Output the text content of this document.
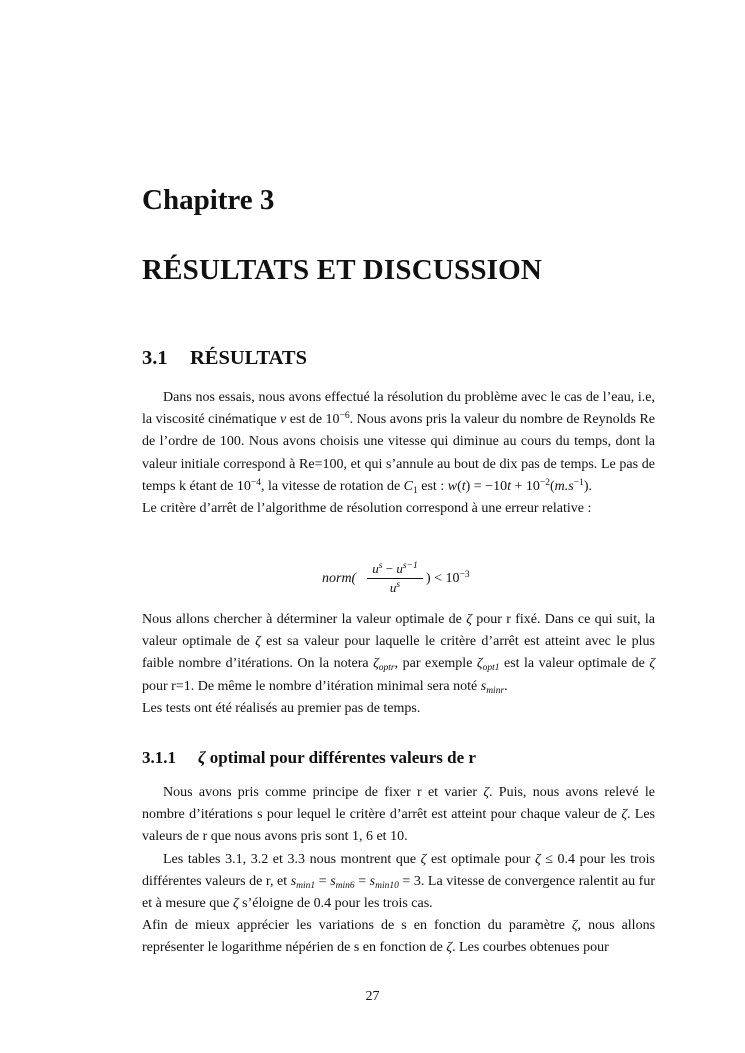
Chapitre 3
RÉSULTATS ET DISCUSSION
3.1 RÉSULTATS

Dans nos essais, nous avons effectué la résolution du problème avec le cas de l’eau, i.e, la viscosité cinématique ν est de $10^{-6}$. Nous avons pris la valeur du nombre de Reynolds Re de l’ordre de 100. Nous avons choisis une vitesse qui diminue au cours du temps, dont la valeur initiale correspond à Re=100, et qui s’annule au bout de dix pas de temps. Le pas de temps k étant de $10^{-4}$, la vitesse de rotation de $C_1$ est : $w(t) = -10t + 10^{-2}(m.s^{-1})$.

Le critère d’arrêt de l’algorithme de résolution correspond à une erreur relative :

norm(
$u^s - u^{s-1}$
$u^s$	) < $10^{-3}$

Nous allons chercher à déterminer la valeur optimale de ζ pour r fixé. Dans ce qui suit, la valeur optimale de ζ est sa valeur pour laquelle le critère d’arrêt est atteint avec le plus faible nombre d’itérations. On la notera $\zeta_{optr}$, par exemple $\zeta_{opt1}$ est la valeur optimale de ζ pour r=1. De même le nombre d’itération minimal sera noté $s_{minr}$.

Les tests ont été réalisés au premier pas de temps.

3.1.1 ζ optimal pour différentes valeurs de r

Nous avons pris comme principe de fixer r et varier ζ. Puis, nous avons relevé le nombre d’itérations s pour lequel le critère d’arrêt est atteint pour chaque valeur de ζ. Les valeurs de r que nous avons pris sont 1, 6 et 10.

Les tables 3.1, 3.2 et 3.3 nous montrent que ζ est optimale pour ζ ≤ 0.4 pour les trois différentes valeurs de r, et $s_{min1} = s_{min6} = s_{min10} = 3$. La vitesse de convergence ralentit au fur et à mesure que ζ s’éloigne de 0.4 pour les trois cas.

Afin de mieux apprécier les variations de s en fonction du paramètre ζ, nous allons représenter le logarithme népérien de s en fonction de ζ. Les courbes obtenues pour

27
